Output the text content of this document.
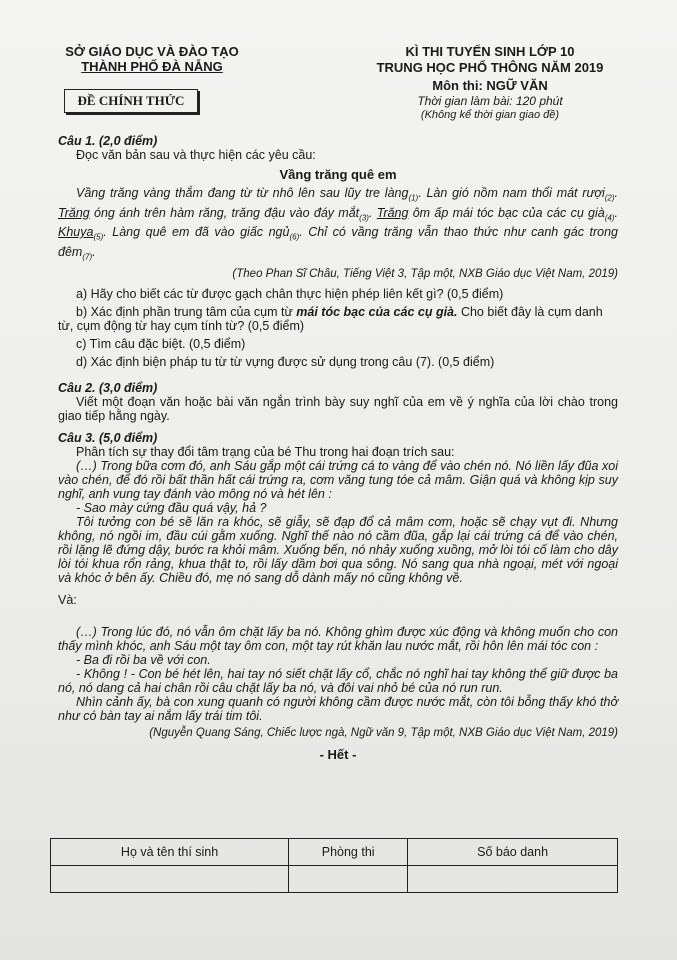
SỞ GIÁO DỤC VÀ ĐÀO TẠO
THÀNH PHỐ ĐÀ NẴNG
ĐỀ CHÍNH THỨC
KÌ THI TUYỂN SINH LỚP 10
TRUNG HỌC PHỔ THÔNG NĂM 2019
Môn thi: NGỮ VĂN
Thời gian làm bài: 120 phút
(Không kể thời gian giao đề)

Câu 1. (2,0 điểm)

Đọc văn bản sau và thực hiện các yêu cầu:

Vầng trăng quê em

Vầng trăng vàng thắm đang từ từ nhô lên sau lũy tre làng$_{(1)}$. Làn gió nồm nam thổi mát rượi$_{(2)}$. Trăng óng ánh trên hàm răng, trăng đậu vào đáy mắt$_{(3)}$. Trăng ôm ấp mái tóc bạc của các cụ già$_{(4)}$. Khuya$_{(5)}$. Làng quê em đã vào giấc ngủ$_{(6)}$. Chỉ có vầng trăng vẫn thao thức như canh gác trong đêm$_{(7)}$.

(Theo Phan Sĩ Châu, Tiếng Việt 3, Tập một, NXB Giáo dục Việt Nam, 2019)

a) Hãy cho biết các từ được gạch chân thực hiện phép liên kết gì? (0,5 điểm)

b) Xác định phần trung tâm của cụm từ mái tóc bạc của các cụ già. Cho biết đây là cụm danh từ, cụm động từ hay cụm tính từ? (0,5 điểm)

c) Tìm câu đặc biệt. (0,5 điểm)

d) Xác định biện pháp tu từ từ vựng được sử dụng trong câu (7). (0,5 điểm)

Câu 2. (3,0 điểm)

Viết một đoạn văn hoặc bài văn ngắn trình bày suy nghĩ của em về ý nghĩa của lời chào trong giao tiếp hằng ngày.

Câu 3. (5,0 điểm)

Phân tích sự thay đổi tâm trạng của bé Thu trong hai đoạn trích sau:

(…) Trong bữa cơm đó, anh Sáu gắp một cái trứng cá to vàng để vào chén nó. Nó liền lấy đũa xoi vào chén, để đó rồi bất thần hất cái trứng ra, cơm văng tung tóe cả mâm. Giận quá và không kịp suy nghĩ, anh vung tay đánh vào mông nó và hét lên :

- Sao mày cứng đầu quá vậy, hả ?

Tôi tưởng con bé sẽ lăn ra khóc, sẽ giẫy, sẽ đạp đổ cả mâm cơm, hoặc sẽ chạy vụt đi. Nhưng không, nó ngồi im, đầu cúi gằm xuống. Nghĩ thế nào nó cầm đũa, gắp lại cái trứng cá để vào chén, rồi lặng lẽ đứng dậy, bước ra khỏi mâm. Xuống bến, nó nhảy xuống xuồng, mở lòi tói cố làm cho dây lòi tói khua rổn rảng, khua thật to, rồi lấy dầm bơi qua sông. Nó sang qua nhà ngoại, mét với ngoại và khóc ở bên ấy. Chiều đó, mẹ nó sang dỗ dành mấy nó cũng không về.

Và:

(…) Trong lúc đó, nó vẫn ôm chặt lấy ba nó. Không ghìm được xúc động và không muốn cho con thấy mình khóc, anh Sáu một tay ôm con, một tay rút khăn lau nước mắt, rồi hôn lên mái tóc con :

- Ba đi rồi ba về với con.

- Không ! - Con bé hét lên, hai tay nó siết chặt lấy cổ, chắc nó nghĩ hai tay không thể giữ được ba nó, nó dang cả hai chân rồi câu chặt lấy ba nó, và đôi vai nhỏ bé của nó run run.

Nhìn cảnh ấy, bà con xung quanh có người không cầm được nước mắt, còn tôi bỗng thấy khó thở như có bàn tay ai nắm lấy trái tim tôi.

(Nguyễn Quang Sáng, Chiếc lược ngà, Ngữ văn 9, Tập một, NXB Giáo dục Việt Nam, 2019)
- Hết -
Họ và tên thí sinh	Phòng thi	Số báo danh
